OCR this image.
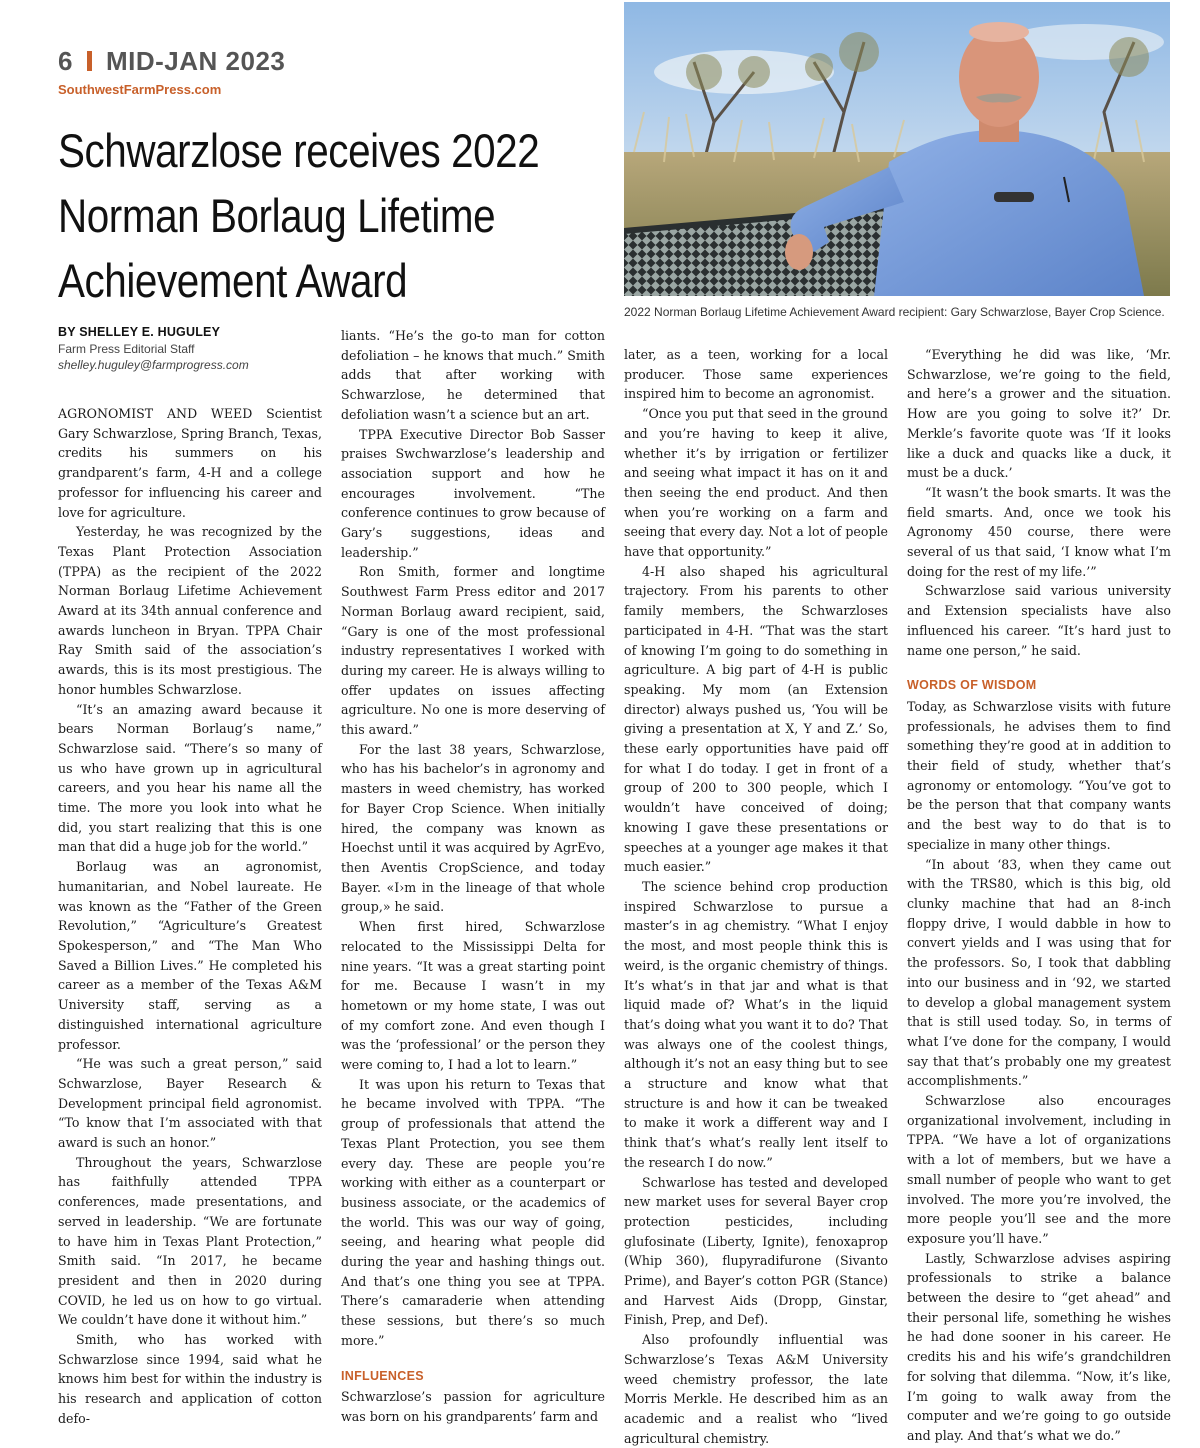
6 MID-JAN 2023
SouthwestFarmPress.com
Schwarzlose receives 2022 Norman Borlaug Lifetime Achievement Award
2022 Norman Borlaug Lifetime Achievement Award recipient: Gary Schwarzlose, Bayer Crop Science.
BY SHELLEY E. HUGULEY
Farm Press Editorial Staff
shelley.huguley@farmprogress.com

AGRONOMIST AND WEED Scientist Gary Schwarzlose, Spring Branch, Texas, credits his summers on his grandparent’s farm, 4-H and a college professor for influencing his career and love for agriculture.

Yesterday, he was recognized by the Texas Plant Protection Association (TPPA) as the recipient of the 2022 Norman Borlaug Lifetime Achievement Award at its 34th annual conference and awards luncheon in Bryan. TPPA Chair Ray Smith said of the association’s awards, this is its most prestigious. The honor humbles Schwarzlose.

“It’s an amazing award because it bears Norman Borlaug’s name,” Schwarzlose said. “There’s so many of us who have grown up in agricultural careers, and you hear his name all the time. The more you look into what he did, you start realizing that this is one man that did a huge job for the world.”

Borlaug was an agronomist, humanitarian, and Nobel laureate. He was known as the “Father of the Green Revolution,” “Agriculture’s Greatest Spokesperson,” and “The Man Who Saved a Billion Lives.” He completed his career as a member of the Texas A&M University staff, serving as a distinguished international agriculture professor.

“He was such a great person,” said Schwarzlose, Bayer Research & Development principal field agronomist. “To know that I’m associated with that award is such an honor.”

Throughout the years, Schwarzlose has faithfully attended TPPA conferences, made presentations, and served in leadership. “We are fortunate to have him in Texas Plant Protection,” Smith said. “In 2017, he became president and then in 2020 during COVID, he led us on how to go virtual. We couldn’t have done it without him.”

Smith, who has worked with Schwarzlose since 1994, said what he knows him best for within the industry is his research and application of cotton defo-

liants. “He’s the go-to man for cotton defoliation – he knows that much.” Smith adds that after working with Schwarzlose, he determined that defoliation wasn’t a science but an art.

TPPA Executive Director Bob Sasser praises Swchwarzlose’s leadership and association support and how he encourages involvement. “The conference continues to grow because of Gary’s suggestions, ideas and leadership.”

Ron Smith, former and longtime Southwest Farm Press editor and 2017 Norman Borlaug award recipient, said, “Gary is one of the most professional industry representatives I worked with during my career. He is always willing to offer updates on issues affecting agriculture. No one is more deserving of this award.”

For the last 38 years, Schwarzlose, who has his bachelor’s in agronomy and masters in weed chemistry, has worked for Bayer Crop Science. When initially hired, the company was known as Hoechst until it was acquired by AgrEvo, then Aventis CropScience, and today Bayer. «I›m in the lineage of that whole group,» he said.

When first hired, Schwarzlose relocated to the Mississippi Delta for nine years. “It was a great starting point for me. Because I wasn’t in my hometown or my home state, I was out of my comfort zone. And even though I was the ‘professional’ or the person they were coming to, I had a lot to learn.”

It was upon his return to Texas that he became involved with TPPA. “The group of professionals that attend the Texas Plant Protection, you see them every day. These are people you’re working with either as a counterpart or business associate, or the academics of the world. This was our way of going, seeing, and hearing what people did during the year and hashing things out. And that’s one thing you see at TPPA. There’s camaraderie when attending these sessions, but there’s so much more.”

INFLUENCES

Schwarzlose’s passion for agriculture was born on his grandparents’ farm and

later, as a teen, working for a local producer. Those same experiences inspired him to become an agronomist.

“Once you put that seed in the ground and you’re having to keep it alive, whether it’s by irrigation or fertilizer and seeing what impact it has on it and then seeing the end product. And then when you’re working on a farm and seeing that every day. Not a lot of people have that opportunity.”

4-H also shaped his agricultural trajectory. From his parents to other family members, the Schwarzloses participated in 4-H. “That was the start of knowing I’m going to do something in agriculture. A big part of 4-H is public speaking. My mom (an Extension director) always pushed us, ‘You will be giving a presentation at X, Y and Z.’ So, these early opportunities have paid off for what I do today. I get in front of a group of 200 to 300 people, which I wouldn’t have conceived of doing; knowing I gave these presentations or speeches at a younger age makes it that much easier.”

The science behind crop production inspired Schwarzlose to pursue a master’s in ag chemistry. “What I enjoy the most, and most people think this is weird, is the organic chemistry of things. It’s what’s in that jar and what is that liquid made of? What’s in the liquid that’s doing what you want it to do? That was always one of the coolest things, although it’s not an easy thing but to see a structure and know what that structure is and how it can be tweaked to make it work a different way and I think that’s what’s really lent itself to the research I do now.”

Schwarlose has tested and developed new market uses for several Bayer crop protection pesticides, including glufosinate (Liberty, Ignite), fenoxaprop (Whip 360), flupyradifurone (Sivanto Prime), and Bayer’s cotton PGR (Stance) and Harvest Aids (Dropp, Ginstar, Finish, Prep, and Def).

Also profoundly influential was Schwarzlose’s Texas A&M University weed chemistry professor, the late Morris Merkle. He described him as an academic and a realist who “lived agricultural chemistry.

“Everything he did was like, ‘Mr. Schwarzlose, we’re going to the field, and here’s a grower and the situation. How are you going to solve it?’ Dr. Merkle’s favorite quote was ‘If it looks like a duck and quacks like a duck, it must be a duck.’

“It wasn’t the book smarts. It was the field smarts. And, once we took his Agronomy 450 course, there were several of us that said, ‘I know what I’m doing for the rest of my life.’”

Schwarzlose said various university and Extension specialists have also influenced his career. “It’s hard just to name one person,” he said.

WORDS OF WISDOM

Today, as Schwarzlose visits with future professionals, he advises them to find something they’re good at in addition to their field of study, whether that’s agronomy or entomology. “You’ve got to be the person that that company wants and the best way to do that is to specialize in many other things.

“In about ‘83, when they came out with the TRS80, which is this big, old clunky machine that had an 8-inch floppy drive, I would dabble in how to convert yields and I was using that for the professors. So, I took that dabbling into our business and in ‘92, we started to develop a global management system that is still used today. So, in terms of what I’ve done for the company, I would say that that’s probably one my greatest accomplishments.”

Schwarzlose also encourages organizational involvement, including in TPPA. “We have a lot of organizations with a lot of members, but we have a small number of people who want to get involved. The more you’re involved, the more people you’ll see and the more exposure you’ll have.”

Lastly, Schwarzlose advises aspiring professionals to strike a balance between the desire to “get ahead” and their personal life, something he wishes he had done sooner in his career. He credits his and his wife’s grandchildren for solving that dilemma. “Now, it’s like, I’m going to walk away from the computer and we’re going to go outside and play. And that’s what we do.”
